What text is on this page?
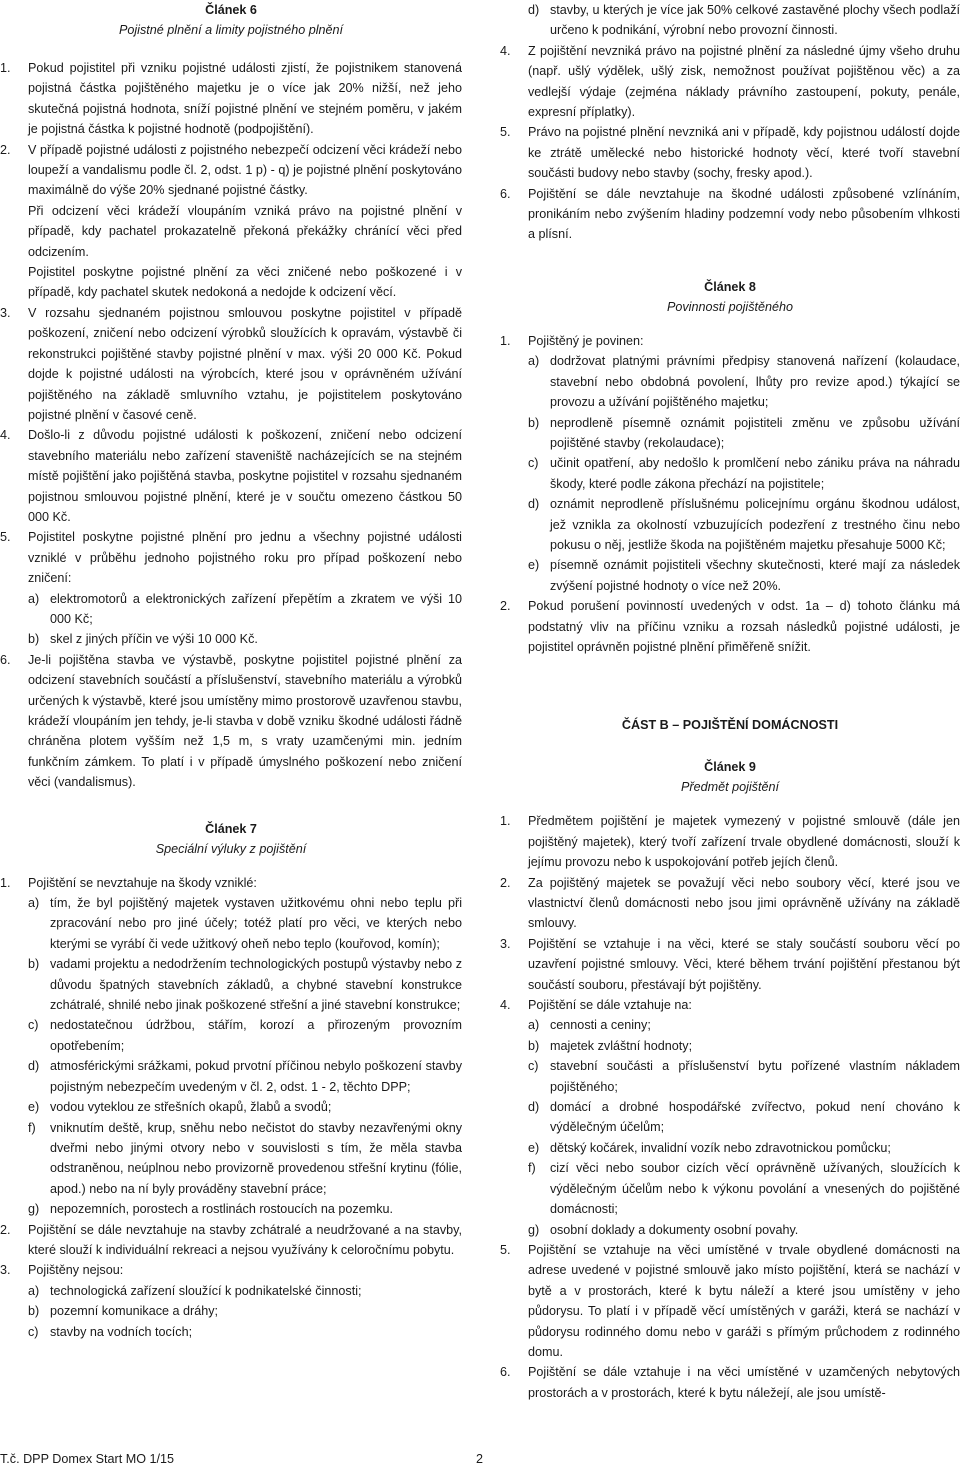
Článek 6
Pojistné plnění a limity pojistného plnění
1.	Pokud pojistitel při vzniku pojistné události zjistí, že pojistnikem stanovená pojistná částka pojištěného majetku je o více jak 20% nižší, než jeho skutečná pojistná hodnota, sníží pojistné plnění ve stejném poměru, v jakém je pojistná částka k pojistné hodnotě (podpojištění).
2.	V případě pojistné události z pojistného nebezpečí odcizení věci krádeží nebo loupeží a vandalismu podle čl. 2, odst. 1 p) - q) je pojistné plnění poskytováno maximálně do výše 20% sjednané pojistné částky.
Při odcizení věci krádeží vloupáním vzniká právo na pojistné plnění v případě, kdy pachatel prokazatelně překoná překážky chránící věci před odcizením.
Pojistitel poskytne pojistné plnění za věci zničené nebo poškozené i v případě, kdy pachatel skutek nedokoná a nedojde k odcizení věcí.
3.	V rozsahu sjednaném pojistnou smlouvou poskytne pojistitel v případě poškození, zničení nebo odcizení výrobků sloužících k opravám, výstavbě či rekonstrukci pojištěné stavby pojistné plnění v max. výši 20 000 Kč. Pokud dojde k pojistné události na výrobcích, které jsou v oprávněném užívání pojištěného na základě smluvního vztahu, je pojistitelem poskytováno pojistné plnění v časové ceně.
4.	Došlo-li z důvodu pojistné události k poškození, zničení nebo odcizení stavebního materiálu nebo zařízení staveniště nacházejících se na stejném místě pojištění jako pojištěná stavba, poskytne pojistitel v rozsahu sjednaném pojistnou smlouvou pojistné plnění, které je v součtu omezeno částkou 50 000 Kč.
5.	Pojistitel poskytne pojistné plnění pro jednu a všechny pojistné události vzniklé v průběhu jednoho pojistného roku pro případ poškození nebo zničení:
a) elektromotorů a elektronických zařízení přepětím a zkratem ve výši 10 000 Kč;
b) skel z jiných příčin ve výši 10 000 Kč.
6.	Je-li pojištěna stavba ve výstavbě, poskytne pojistitel pojistné plnění za odcizení stavebních součástí a příslušenství, stavebního materiálu a výrobků určených k výstavbě, které jsou umístěny mimo prostorově uzavřenou stavbu, krádeží vloupáním jen tehdy, je-li stavba v době vzniku škodné události řádně chráněna plotem vyšším než 1,5 m, s vraty uzamčenými min. jedním funkčním zámkem. To platí i v případě úmyslného poškození nebo zničení věci (vandalismus).
Článek 7
Speciální výluky z pojištění
1.	Pojištění se nevztahuje na škody vzniklé:
a) tím, že byl pojištěný majetek vystaven užitkovému ohni nebo teplu při zpracování nebo pro jiné účely; totéž platí pro věci, ve kterých nebo kterými se vyrábí či vede užitkový oheň nebo teplo (kouřovod, komín);
b) vadami projektu a nedodržením technologických postupů výstavby nebo z důvodu špatných stavebních základů, a chybné stavební konstrukce zchátralé, shnilé nebo jinak poškozené střešní a jiné stavební konstrukce;
c) nedostatečnou údržbou, stářím, korozí a přirozeným provozním opotřebením;
d) atmosférickými srážkami, pokud prvotní příčinou nebylo poškození stavby pojistným nebezpečím uvedeným v čl. 2, odst. 1 - 2, těchto DPP;
e) vodou vyteklou ze střešních okapů, žlabů a svodů;
f)	vniknutím deště, krup, sněhu nebo nečistot do stavby nezavřenými okny dveřmi nebo jinými otvory nebo v souvislosti s tím, že měla stavba odstraněnou, neúplnou nebo provizorně provedenou střešní krytinu (fólie, apod.) nebo na ní byly prováděny stavební práce;
g) nepozemních, porostech a rostlinách rostoucích na pozemku.
2.	Pojištění se dále nevztahuje na stavby zchátralé a neudržované a na stavby, které slouží k individuální rekreaci a nejsou využívány k celoročnímu pobytu.
3.	Pojištěny nejsou:
a) technologická zařízení sloužící k podnikatelské činnosti;
b) pozemní komunikace a dráhy;
c) stavby na vodních tocích;
d) stavby, u kterých je více jak 50% celkové zastavěné plochy všech podlaží určeno k podnikání, výrobní nebo provozní činnosti.
4.	Z pojištění nevzniká právo na pojistné plnění za následné újmy všeho druhu (např. ušlý výdělek, ušlý zisk, nemožnost používat pojištěnou věc) a za vedlejší výdaje (zejména náklady právního zastoupení, pokuty, penále, expresní příplatky).
5.	Právo na pojistné plnění nevzniká ani v případě, kdy pojistnou událostí dojde ke ztrátě umělecké nebo historické hodnoty věcí, které tvoří stavební součásti budovy nebo stavby (sochy, fresky apod.).
6.	Pojištění se dále nevztahuje na škodné události způsobené vzlínáním, pronikáním nebo zvýšením hladiny podzemní vody nebo působením vlhkosti a plísní.
Článek 8
Povinnosti pojištěného
1.	Pojištěný je povinen:
a) dodržovat platnými právními předpisy stanovená nařízení (kolaudace, stavební nebo obdobná povolení, lhůty pro revize apod.) týkající se provozu a užívání pojištěného majetku;
b) neprodleně písemně oznámit pojistiteli změnu ve způsobu užívání pojištěné stavby (rekolaudace);
c) učinit opatření, aby nedošlo k promlčení nebo zániku práva na náhradu škody, které podle zákona přechází na pojistitele;
d) oznámit neprodleně příslušnému policejnímu orgánu škodnou událost, jež vznikla za okolností vzbuzujících podezření z trestného činu nebo pokusu o něj, jestliže škoda na pojištěném majetku přesahuje 5000 Kč;
e) písemně oznámit pojistiteli všechny skutečnosti, které mají za následek zvýšení pojistné hodnoty o více než 20%.
2.	Pokud porušení povinností uvedených v odst. 1a – d) tohoto článku má podstatný vliv na příčinu vzniku a rozsah následků pojistné události, je pojistitel oprávněn pojistné plnění přiměřeně snížit.
ČÁST B – POJIŠTĚNÍ DOMÁCNOSTI
Článek 9
Předmět pojištění
1.	Předmětem pojištění je majetek vymezený v pojistné smlouvě (dále jen pojištěný majetek), který tvoří zařízení trvale obydlené domácnosti, slouží k jejímu provozu nebo k uspokojování potřeb jejích členů.
2.	Za pojištěný majetek se považují věci nebo soubory věcí, které jsou ve vlastnictví členů domácnosti nebo jsou jimi oprávněně užívány na základě smlouvy.
3.	Pojištění se vztahuje i na věci, které se staly součástí souboru věcí po uzavření pojistné smlouvy. Věci, které během trvání pojištění přestanou být součástí souboru, přestávají být pojištěny.
4.	Pojištění se dále vztahuje na:
a) cennosti a ceniny;
b) majetek zvláštní hodnoty;
c) stavební součásti a příslušenství bytu pořízené vlastním nákladem pojištěného;
d) domácí a drobné hospodářské zvířectvo, pokud není chováno k výdělečným účelům;
e) dětský kočárek, invalidní vozík nebo zdravotnickou pomůcku;
f)	cizí věci nebo soubor cizích věcí oprávněně užívaných, sloužících k výdělečným účelům nebo k výkonu povolání a vnesených do pojištěné domácnosti;
g) osobní doklady a dokumenty osobní povahy.
5.	Pojištění se vztahuje na věci umístěné v trvale obydlené domácnosti na adrese uvedené v pojistné smlouvě jako místo pojištění, která se nachází v bytě a v prostorách, které k bytu náleží a které jsou umístěny v jeho půdorysu. To platí i v případě věcí umístěných v garáži, která se nachází v půdorysu rodinného domu nebo v garáži s přímým průchodem z rodinného domu.
6.	Pojištění se dále vztahuje i na věci umístěné v uzamčených nebytových prostorách a v prostorách, které k bytu náležejí, ale jsou umístě-
T.č. DPP Domex Start MO 1/15	2
